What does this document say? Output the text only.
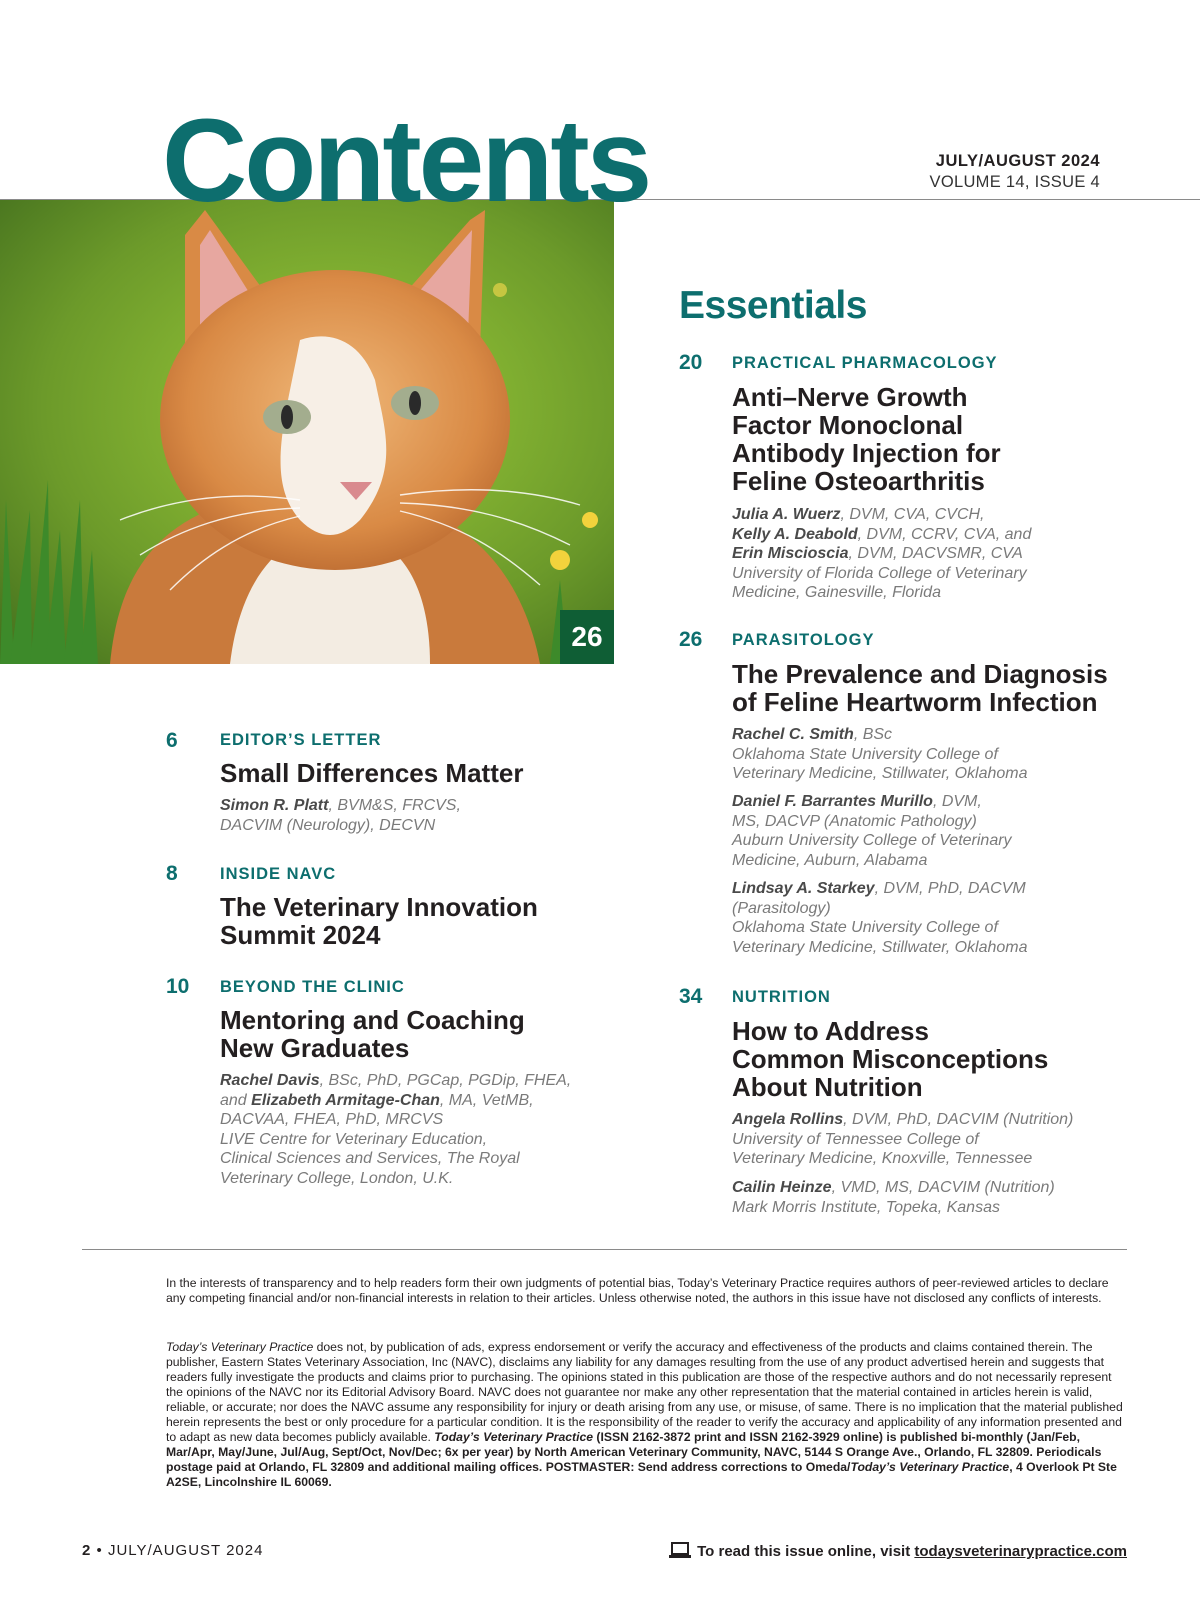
Contents	JULY/AUGUST 2024
VOLUME 14, ISSUE 4
26
Essentials
20	PRACTICAL PHARMACOLOGY
Anti–Nerve Growth
Factor Monoclonal
Antibody Injection for
Feline Osteoarthritis
Julia A. Wuerz, DVM, CVA, CVCH,
Kelly A. Deabold, DVM, CCRV, CVA, and
Erin Miscioscia, DVM, DACVSMR, CVA
University of Florida College of Veterinary
Medicine, Gainesville, Florida
26	PARASITOLOGY
The Prevalence and Diagnosis
of Feline Heartworm Infection
Rachel C. Smith, BSc
Oklahoma State University College of
Veterinary Medicine, Stillwater, Oklahoma
Daniel F. Barrantes Murillo, DVM,
MS, DACVP (Anatomic Pathology)
Auburn University College of Veterinary
Medicine, Auburn, Alabama
Lindsay A. Starkey, DVM, PhD, DACVM
(Parasitology)
Oklahoma State University College of
Veterinary Medicine, Stillwater, Oklahoma
34	NUTRITION
How to Address
Common Misconceptions
About Nutrition
Angela Rollins, DVM, PhD, DACVIM (Nutrition)
University of Tennessee College of
Veterinary Medicine, Knoxville, Tennessee
Cailin Heinze, VMD, MS, DACVIM (Nutrition)
Mark Morris Institute, Topeka, Kansas
6	EDITOR’S LETTER
Small Differences Matter
Simon R. Platt, BVM&S, FRCVS,
DACVIM (Neurology), DECVN
8	INSIDE NAVC
The Veterinary Innovation
Summit 2024
10	BEYOND THE CLINIC
Mentoring and Coaching
New Graduates
Rachel Davis, BSc, PhD, PGCap, PGDip, FHEA,
and Elizabeth Armitage-Chan, MA, VetMB,
DACVAA, FHEA, PhD, MRCVS
LIVE Centre for Veterinary Education,
Clinical Sciences and Services, The Royal
Veterinary College, London, U.K.
In the interests of transparency and to help readers form their own judgments of potential bias, Today’s Veterinary Practice requires authors of peer-reviewed articles to declare any competing financial and/or non-financial interests in relation to their articles. Unless otherwise noted, the authors in this issue have not disclosed any conflicts of interests.
Today’s Veterinary Practice does not, by publication of ads, express endorsement or verify the accuracy and effectiveness of the products and claims contained therein. The publisher, Eastern States Veterinary Association, Inc (NAVC), disclaims any liability for any damages resulting from the use of any product advertised herein and suggests that readers fully investigate the products and claims prior to purchasing. The opinions stated in this publication are those of the respective authors and do not necessarily represent the opinions of the NAVC nor its Editorial Advisory Board. NAVC does not guarantee nor make any other representation that the material contained in articles herein is valid, reliable, or accurate; nor does the NAVC assume any responsibility for injury or death arising from any use, or misuse, of same. There is no implication that the material published herein represents the best or only procedure for a particular condition. It is the responsibility of the reader to verify the accuracy and applicability of any information presented and to adapt as new data becomes publicly available. Today’s Veterinary Practice (ISSN 2162-3872 print and ISSN 2162-3929 online) is published bi-monthly (Jan/Feb, Mar/Apr, May/June, Jul/Aug, Sept/Oct, Nov/Dec; 6x per year) by North American Veterinary Community, NAVC, 5144 S Orange Ave., Orlando, FL 32809. Periodicals postage paid at Orlando, FL 32809 and additional mailing offices. POSTMASTER: Send address corrections to Omeda/Today’s Veterinary Practice, 4 Overlook Pt Ste A2SE, Lincolnshire IL 60069.
2 • JULY/AUGUST 2024	To read this issue online, visit todaysveterinarypractice.com
